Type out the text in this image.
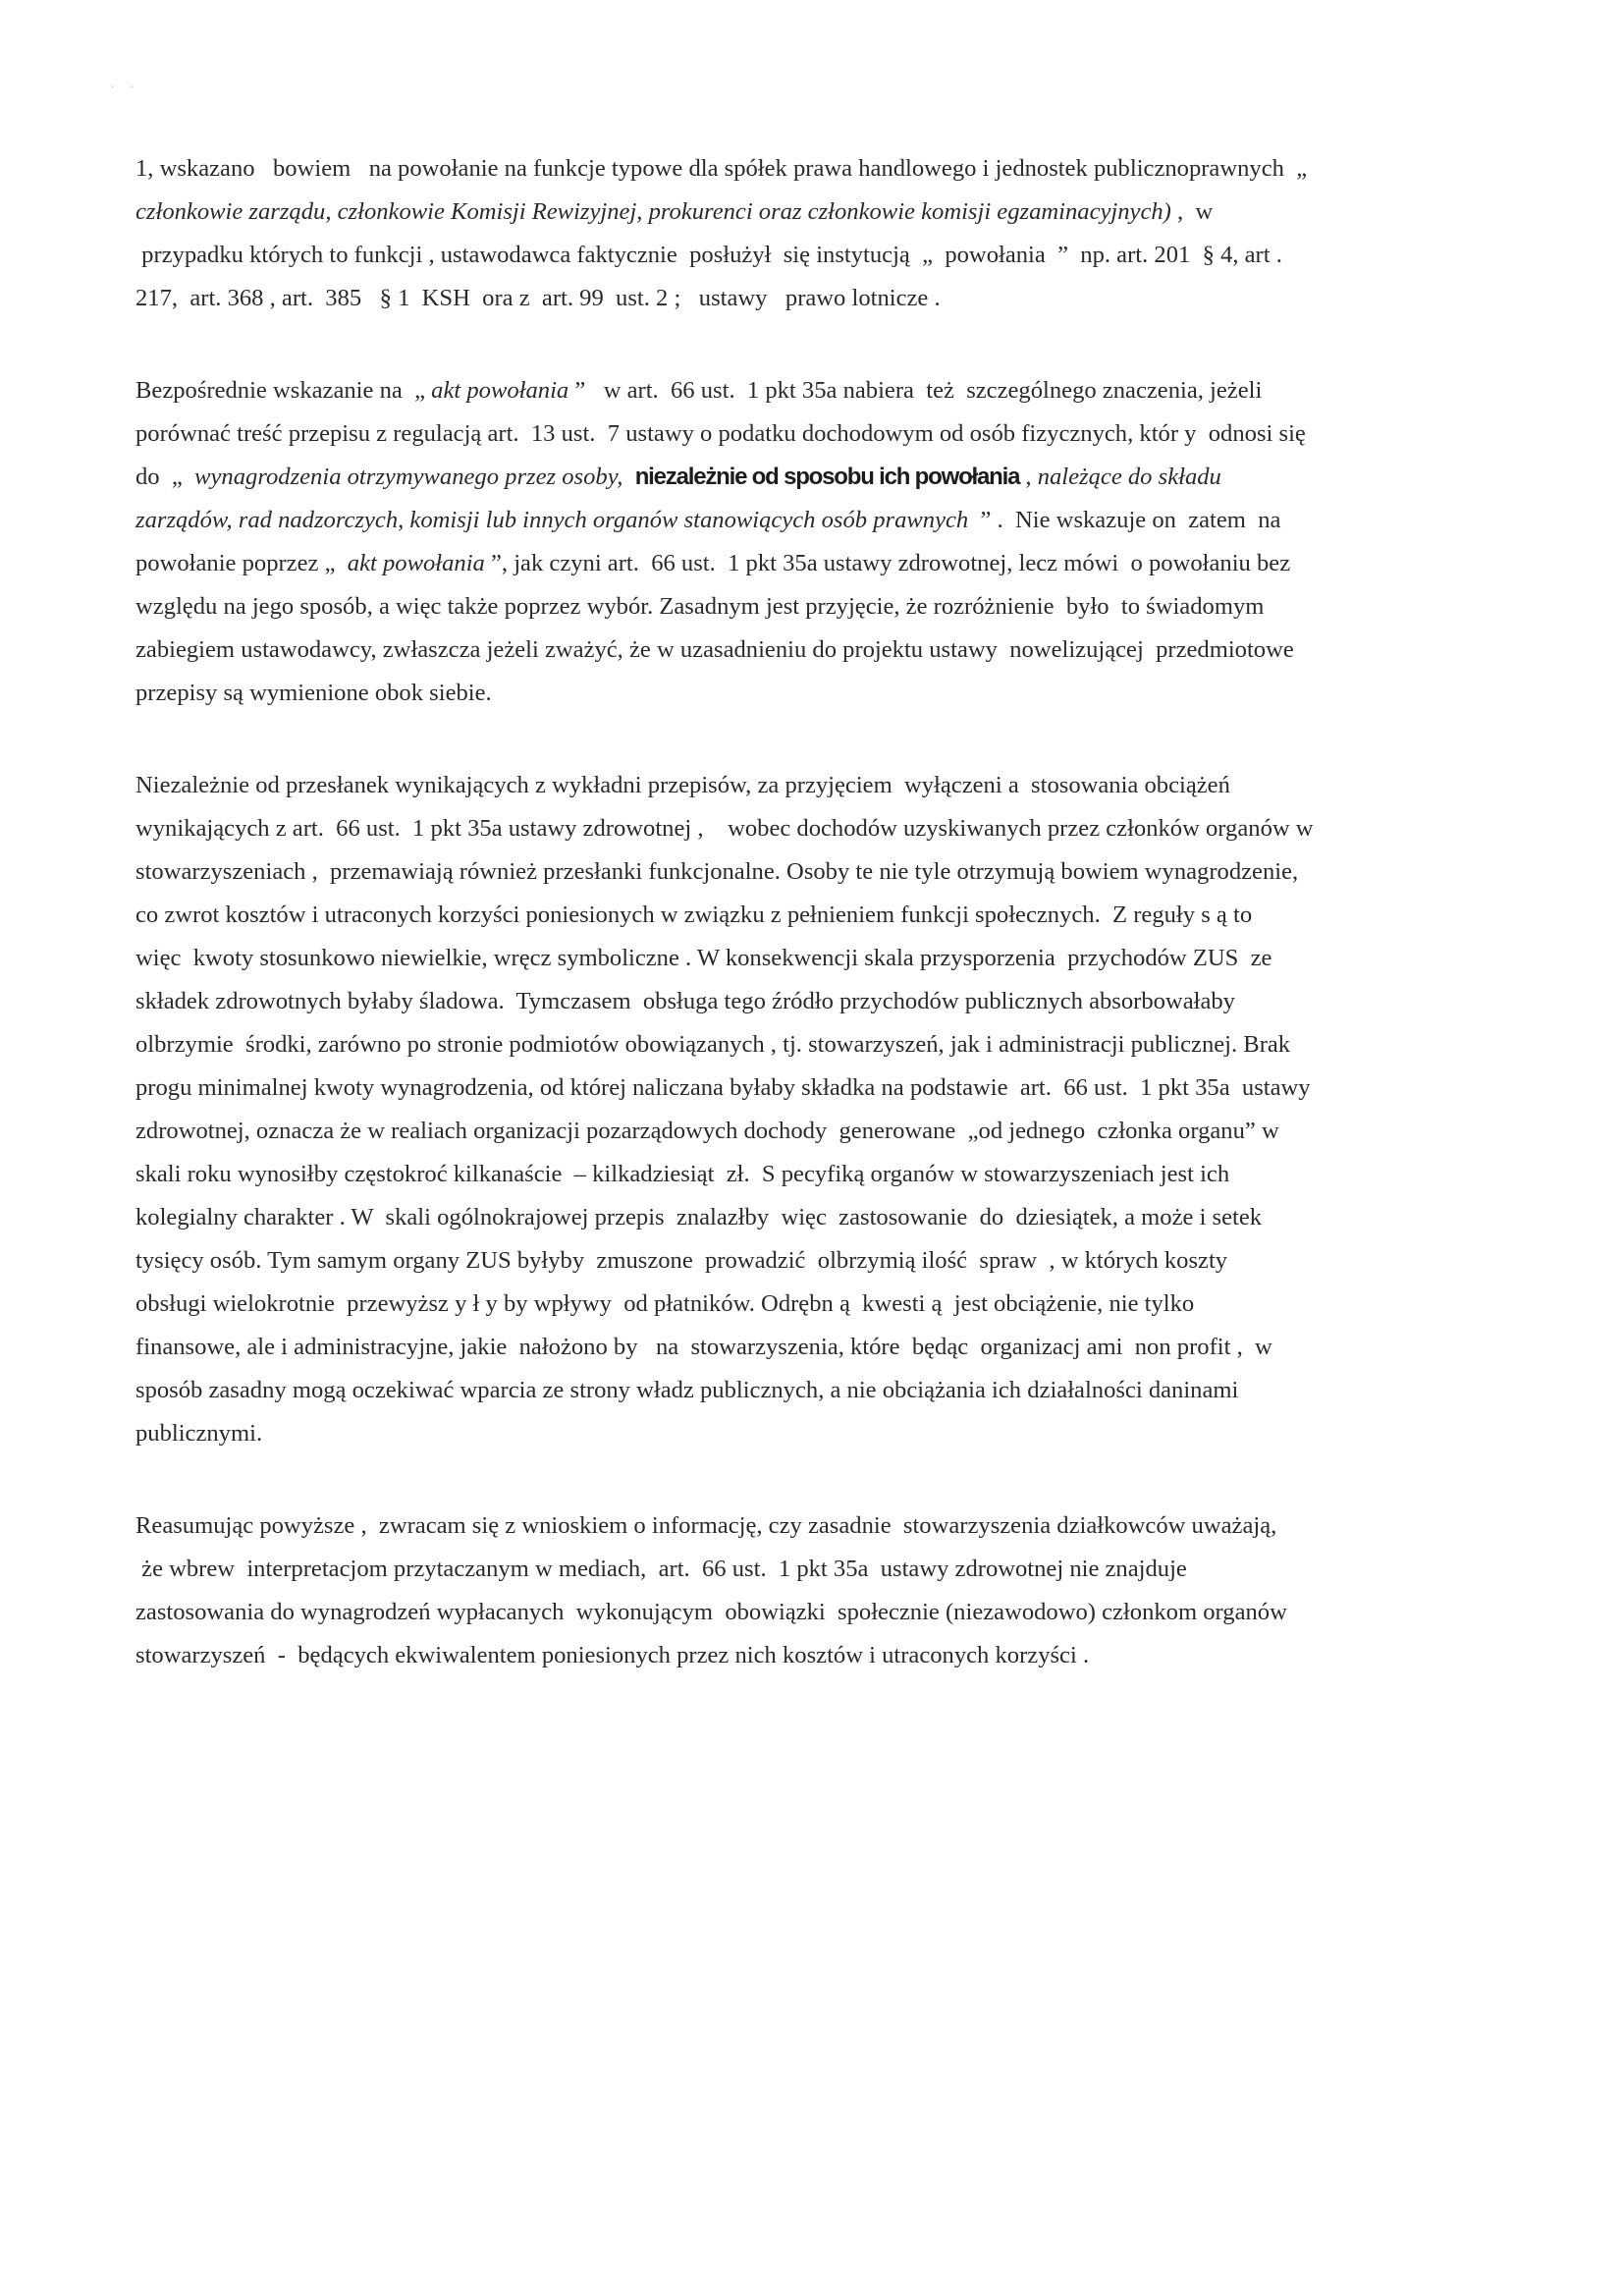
· ·
1, wskazano   bowiem   na powołanie na funkcje typowe dla spółek prawa handlowego i jednostek publicznoprawnych  „
członkowie zarządu, członkowie Komisji Rewizyjnej, prokurenci oraz członkowie komisji egzaminacyjnych) ,  w
przypadku których to funkcji , ustawodawca faktycznie  posłużył  się instytucją  „  powołania  ”  np. art. 201  § 4, art .
217,  art. 368 , art.  385   § 1  KSH  ora z  art. 99  ust. 2 ;   ustawy   prawo lotnicze .
Bezpośrednie wskazanie na  „ akt powołania ”   w art.  66 ust.  1 pkt 35a nabiera  też  szczególnego znaczenia, jeżeli
porównać treść przepisu z regulacją art.  13 ust.  7 ustawy o podatku dochodowym od osób fizycznych, któr y  odnosi się
do  „  wynagrodzenia otrzymywanego przez osoby, niezależnie od sposobu ich powołania , należące do składu
zarządów, rad nadzorczych, komisji lub innych organów stanowiących osób prawnych  ” .  Nie wskazuje on  zatem  na
powołanie poprzez „  akt powołania ”, jak czyni art.  66 ust.  1 pkt 35a ustawy zdrowotnej, lecz mówi  o powołaniu bez
względu na jego sposób, a więc także poprzez wybór. Zasadnym jest przyjęcie, że rozróżnienie  było  to świadomym
zabiegiem ustawodawcy, zwłaszcza jeżeli zważyć, że w uzasadnieniu do projektu ustawy  nowelizującej  przedmiotowe
przepisy są wymienione obok siebie.
Niezależnie od przesłanek wynikających z wykładni przepisów, za przyjęciem  wyłączeni a  stosowania obciążeń
wynikających z art.  66 ust.  1 pkt 35a ustawy zdrowotnej ,    wobec dochodów uzyskiwanych przez członków organów w
stowarzyszeniach ,  przemawiają również przesłanki funkcjonalne. Osoby te nie tyle otrzymują bowiem wynagrodzenie,
co zwrot kosztów i utraconych korzyści poniesionych w związku z pełnieniem funkcji społecznych.  Z reguły s ą to
więc  kwoty stosunkowo niewielkie, wręcz symboliczne . W konsekwencji skala przysporzenia  przychodów ZUS  ze
składek zdrowotnych byłaby śladowa.  Tymczasem  obsługa tego źródło przychodów publicznych absorbowałaby
olbrzymie  środki, zarówno po stronie podmiotów obowiązanych , tj. stowarzyszeń, jak i administracji publicznej. Brak
progu minimalnej kwoty wynagrodzenia, od której naliczana byłaby składka na podstawie  art.  66 ust.  1 pkt 35a  ustawy
zdrowotnej, oznacza że w realiach organizacji pozarządowych dochody  generowane  „od jednego  członka organu” w
skali roku wynosiłby częstokroć kilkanaście  – kilkadziesiąt  zł.  S pecyfiką organów w stowarzyszeniach jest ich
kolegialny charakter . W  skali ogólnokrajowej przepis  znalazłby  więc  zastosowanie  do  dziesiątek, a może i setek
tysięcy osób. Tym samym organy ZUS byłyby  zmuszone  prowadzić  olbrzymią ilość  spraw  , w których koszty
obsługi wielokrotnie  przewyższ y ł y by wpływy  od płatników. Odrębn ą  kwesti ą  jest obciążenie, nie tylko
finansowe, ale i administracyjne, jakie  nałożono by   na  stowarzyszenia, które  będąc  organizacj ami  non profit ,  w
sposób zasadny mogą oczekiwać wparcia ze strony władz publicznych, a nie obciążania ich działalności daninami
publicznymi.
Reasumując powyższe ,  zwracam się z wnioskiem o informację, czy zasadnie  stowarzyszenia działkowców uważają,
że wbrew  interpretacjom przytaczanym w mediach,  art.  66 ust.  1 pkt 35a  ustawy zdrowotnej nie znajduje
zastosowania do wynagrodzeń wypłacanych  wykonującym  obowiązki  społecznie (niezawodowo) członkom organów
stowarzyszeń  -  będących ekwiwalentem poniesionych przez nich kosztów i utraconych korzyści .
